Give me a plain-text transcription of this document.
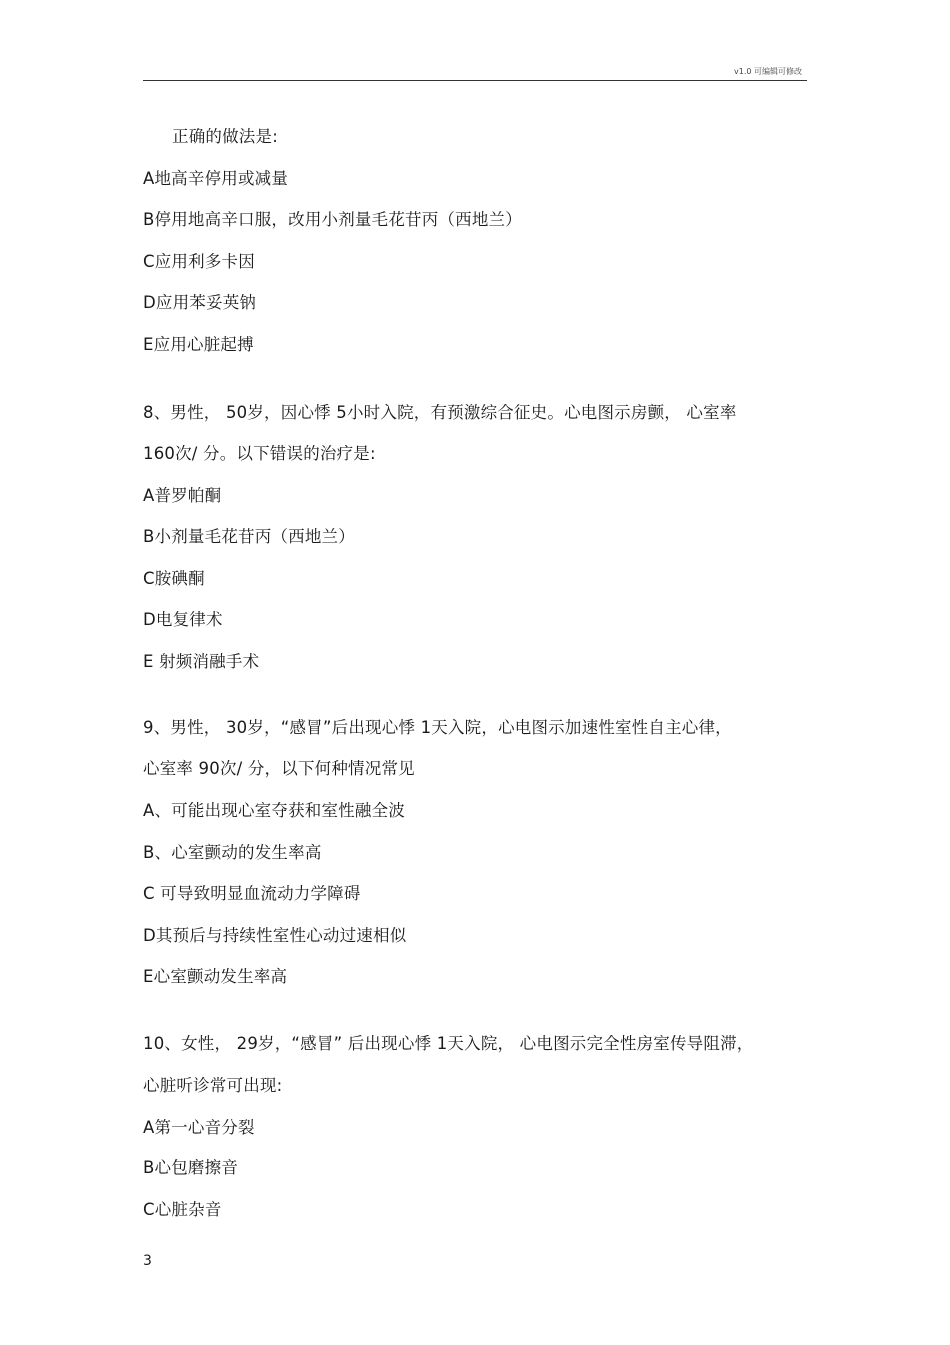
v1.0 可编辑可修改
正确的做法是:
A地高辛停用或减量
B停用地高辛口服，改用小剂量毛花苷丙（西地兰）
C应用利多卡因
D应用苯妥英钠
E应用心脏起搏
8、男性， 50岁，因心悸 5小时入院，有预激综合征史。心电图示房颤， 心室率
160次/ 分。以下错误的治疗是:
A普罗帕酮
B小剂量毛花苷丙（西地兰）
C胺碘酮
D电复律术
E 射频消融手术
9、男性， 30岁，“感冒”后出现心悸 1天入院，心电图示加速性室性自主心律，
心室率 90次/ 分，以下何种情况常见
A、可能出现心室夺获和室性融全波
B、心室颤动的发生率高
C 可导致明显血流动力学障碍
D其预后与持续性室性心动过速相似
E心室颤动发生率高
10、女性， 29岁，“感冒” 后出现心悸 1天入院， 心电图示完全性房室传导阻滞，
心脏听诊常可出现:
A第一心音分裂
B心包磨擦音
C心脏杂音
3
